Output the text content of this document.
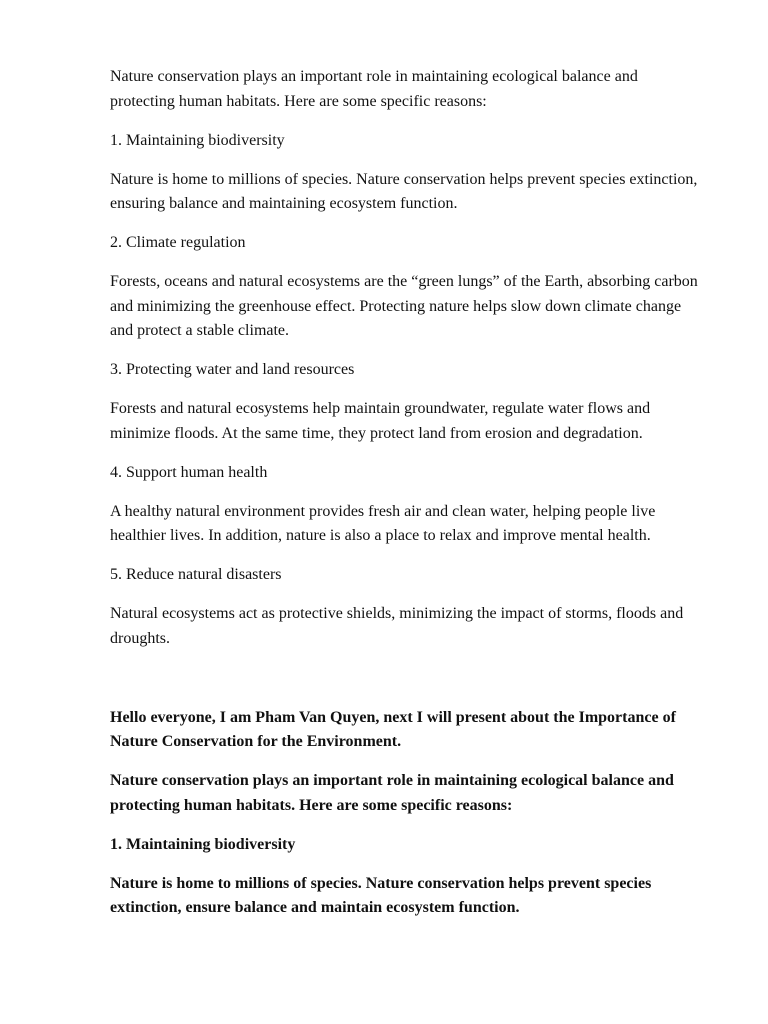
Nature conservation plays an important role in maintaining ecological balance and protecting human habitats. Here are some specific reasons:

1. Maintaining biodiversity

Nature is home to millions of species. Nature conservation helps prevent species extinction, ensuring balance and maintaining ecosystem function.

2. Climate regulation

Forests, oceans and natural ecosystems are the “green lungs” of the Earth, absorbing carbon and minimizing the greenhouse effect. Protecting nature helps slow down climate change and protect a stable climate.

3. Protecting water and land resources

Forests and natural ecosystems help maintain groundwater, regulate water flows and minimize floods. At the same time, they protect land from erosion and degradation.

4. Support human health

A healthy natural environment provides fresh air and clean water, helping people live healthier lives. In addition, nature is also a place to relax and improve mental health.

5. Reduce natural disasters

Natural ecosystems act as protective shields, minimizing the impact of storms, floods and droughts.

Hello everyone, I am Pham Van Quyen, next I will present about the Importance of Nature Conservation for the Environment.

Nature conservation plays an important role in maintaining ecological balance and protecting human habitats. Here are some specific reasons:

1. Maintaining biodiversity

Nature is home to millions of species. Nature conservation helps prevent species extinction, ensure balance and maintain ecosystem function.
